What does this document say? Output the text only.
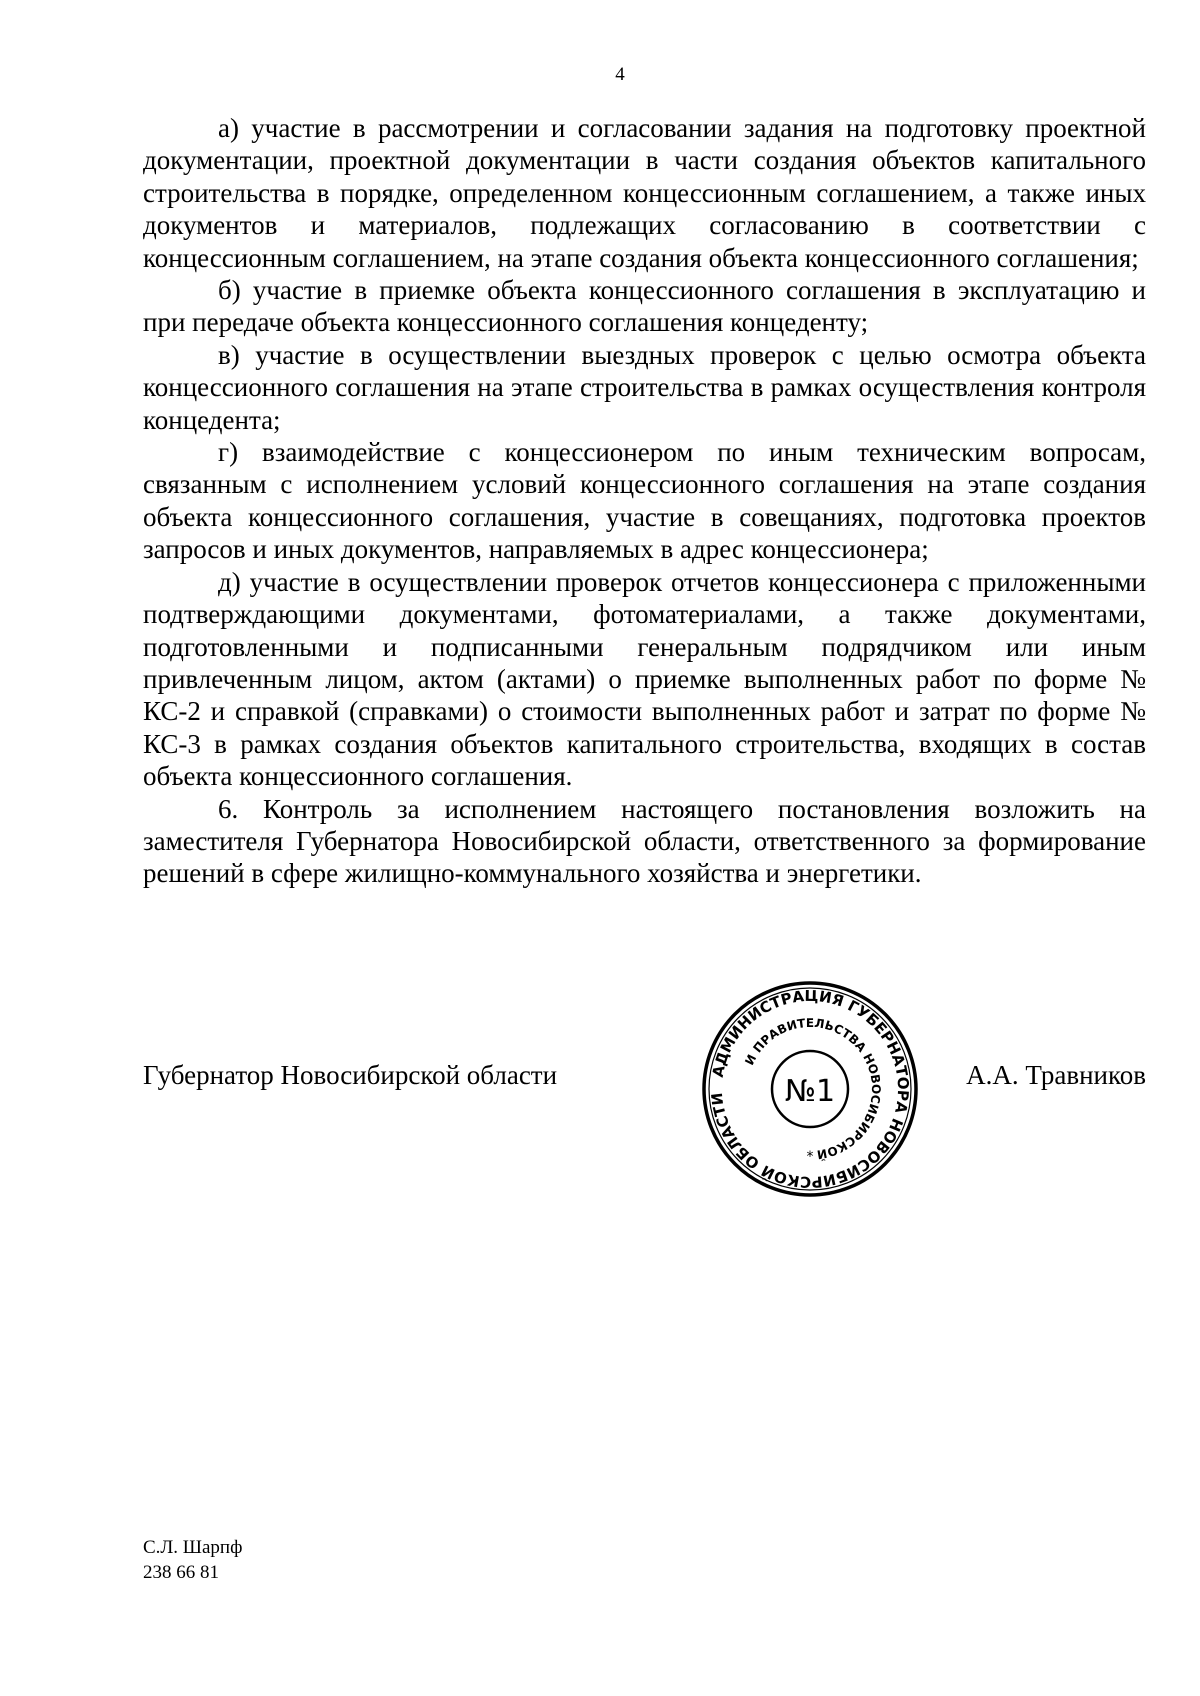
4

а) участие в рассмотрении и согласовании задания на подготовку проектной документации, проектной документации в части создания объектов капитального строительства в порядке, определенном концессионным соглашением, а также иных документов и материалов, подлежащих согласованию в соответствии с концессионным соглашением, на этапе создания объекта концессионного соглашения;

б) участие в приемке объекта концессионного соглашения в эксплуатацию и при передаче объекта концессионного соглашения концеденту;

в) участие в осуществлении выездных проверок с целью осмотра объекта концессионного соглашения на этапе строительства в рамках осуществления контроля концедента;

г) взаимодействие с концессионером по иным техническим вопросам, связанным с исполнением условий концессионного соглашения на этапе создания объекта концессионного соглашения, участие в совещаниях, подготовка проектов запросов и иных документов, направляемых в адрес концессионера;

д) участие в осуществлении проверок отчетов концессионера с приложенными подтверждающими документами, фотоматериалами, а также документами, подготовленными и подписанными генеральным подрядчиком или иным привлеченным лицом, актом (актами) о приемке выполненных работ по форме № КС-2 и справкой (справками) о стоимости выполненных работ и затрат по форме № КС-3 в рамках создания объектов капитального строительства, входящих в состав объекта концессионного соглашения.

6. Контроль за исполнением настоящего постановления возложить на заместителя Губернатора Новосибирской области, ответственного за формирование решений в сфере жилищно-коммунального хозяйства и энергетики.

Губернатор Новосибирской области	А.А. Травников
АДМИНИСТРАЦИЯ ГУБЕРНАТОРА НОВОСИБИРСКОЙ ОБЛАСТИ
И ПРАВИТЕЛЬСТВА НОВОСИБИРСКОЙ
№1
*
С.Л. Шарпф
238 66 81
